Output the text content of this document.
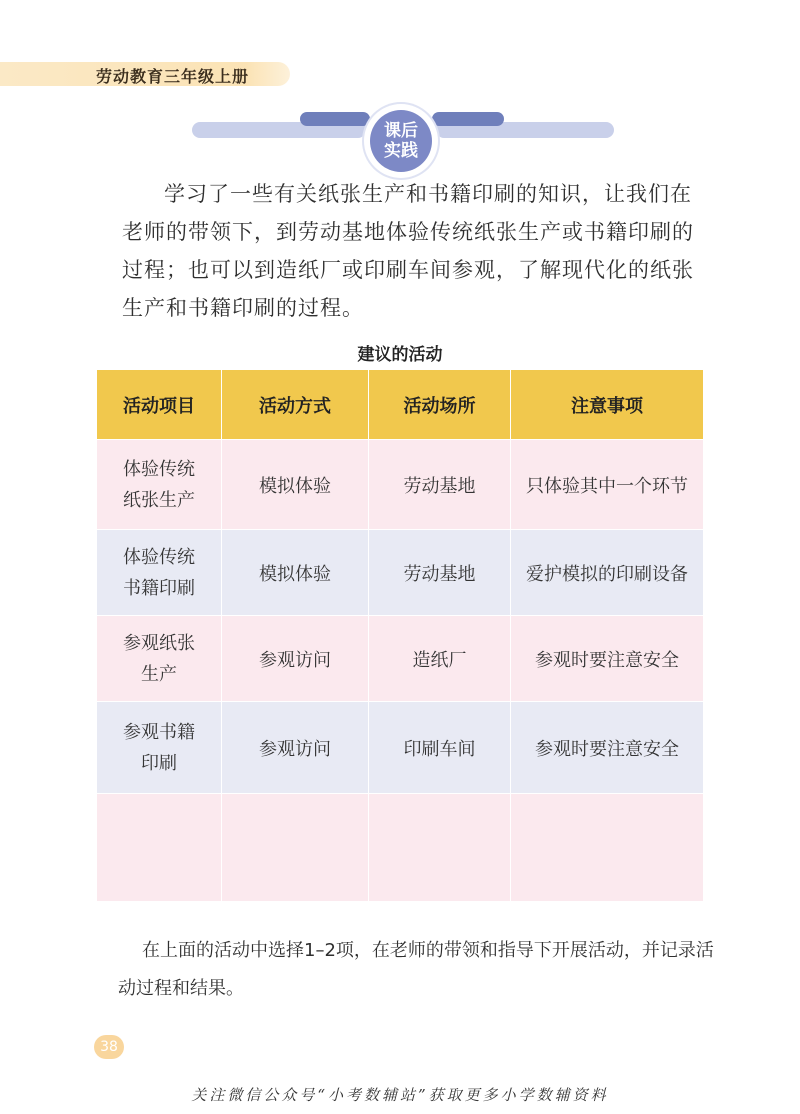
劳动教育三年级上册
课后
实践
学习了一些有关纸张生产和书籍印刷的知识，让我们在老师的带领下，到劳动基地体验传统纸张生产或书籍印刷的过程；也可以到造纸厂或印刷车间参观，了解现代化的纸张生产和书籍印刷的过程。
建议的活动
活动项目	活动方式	活动场所	注意事项
体验传统
纸张生产	模拟体验	劳动基地	只体验其中一个环节
体验传统
书籍印刷	模拟体验	劳动基地	爱护模拟的印刷设备
参观纸张
生产	参观访问	造纸厂	参观时要注意安全
参观书籍
印刷	参观访问	印刷车间	参观时要注意安全

在上面的活动中选择1–2项，在老师的带领和指导下开展活动，并记录活动过程和结果。
38
关注微信公众号“小考数辅站”获取更多小学数辅资料
